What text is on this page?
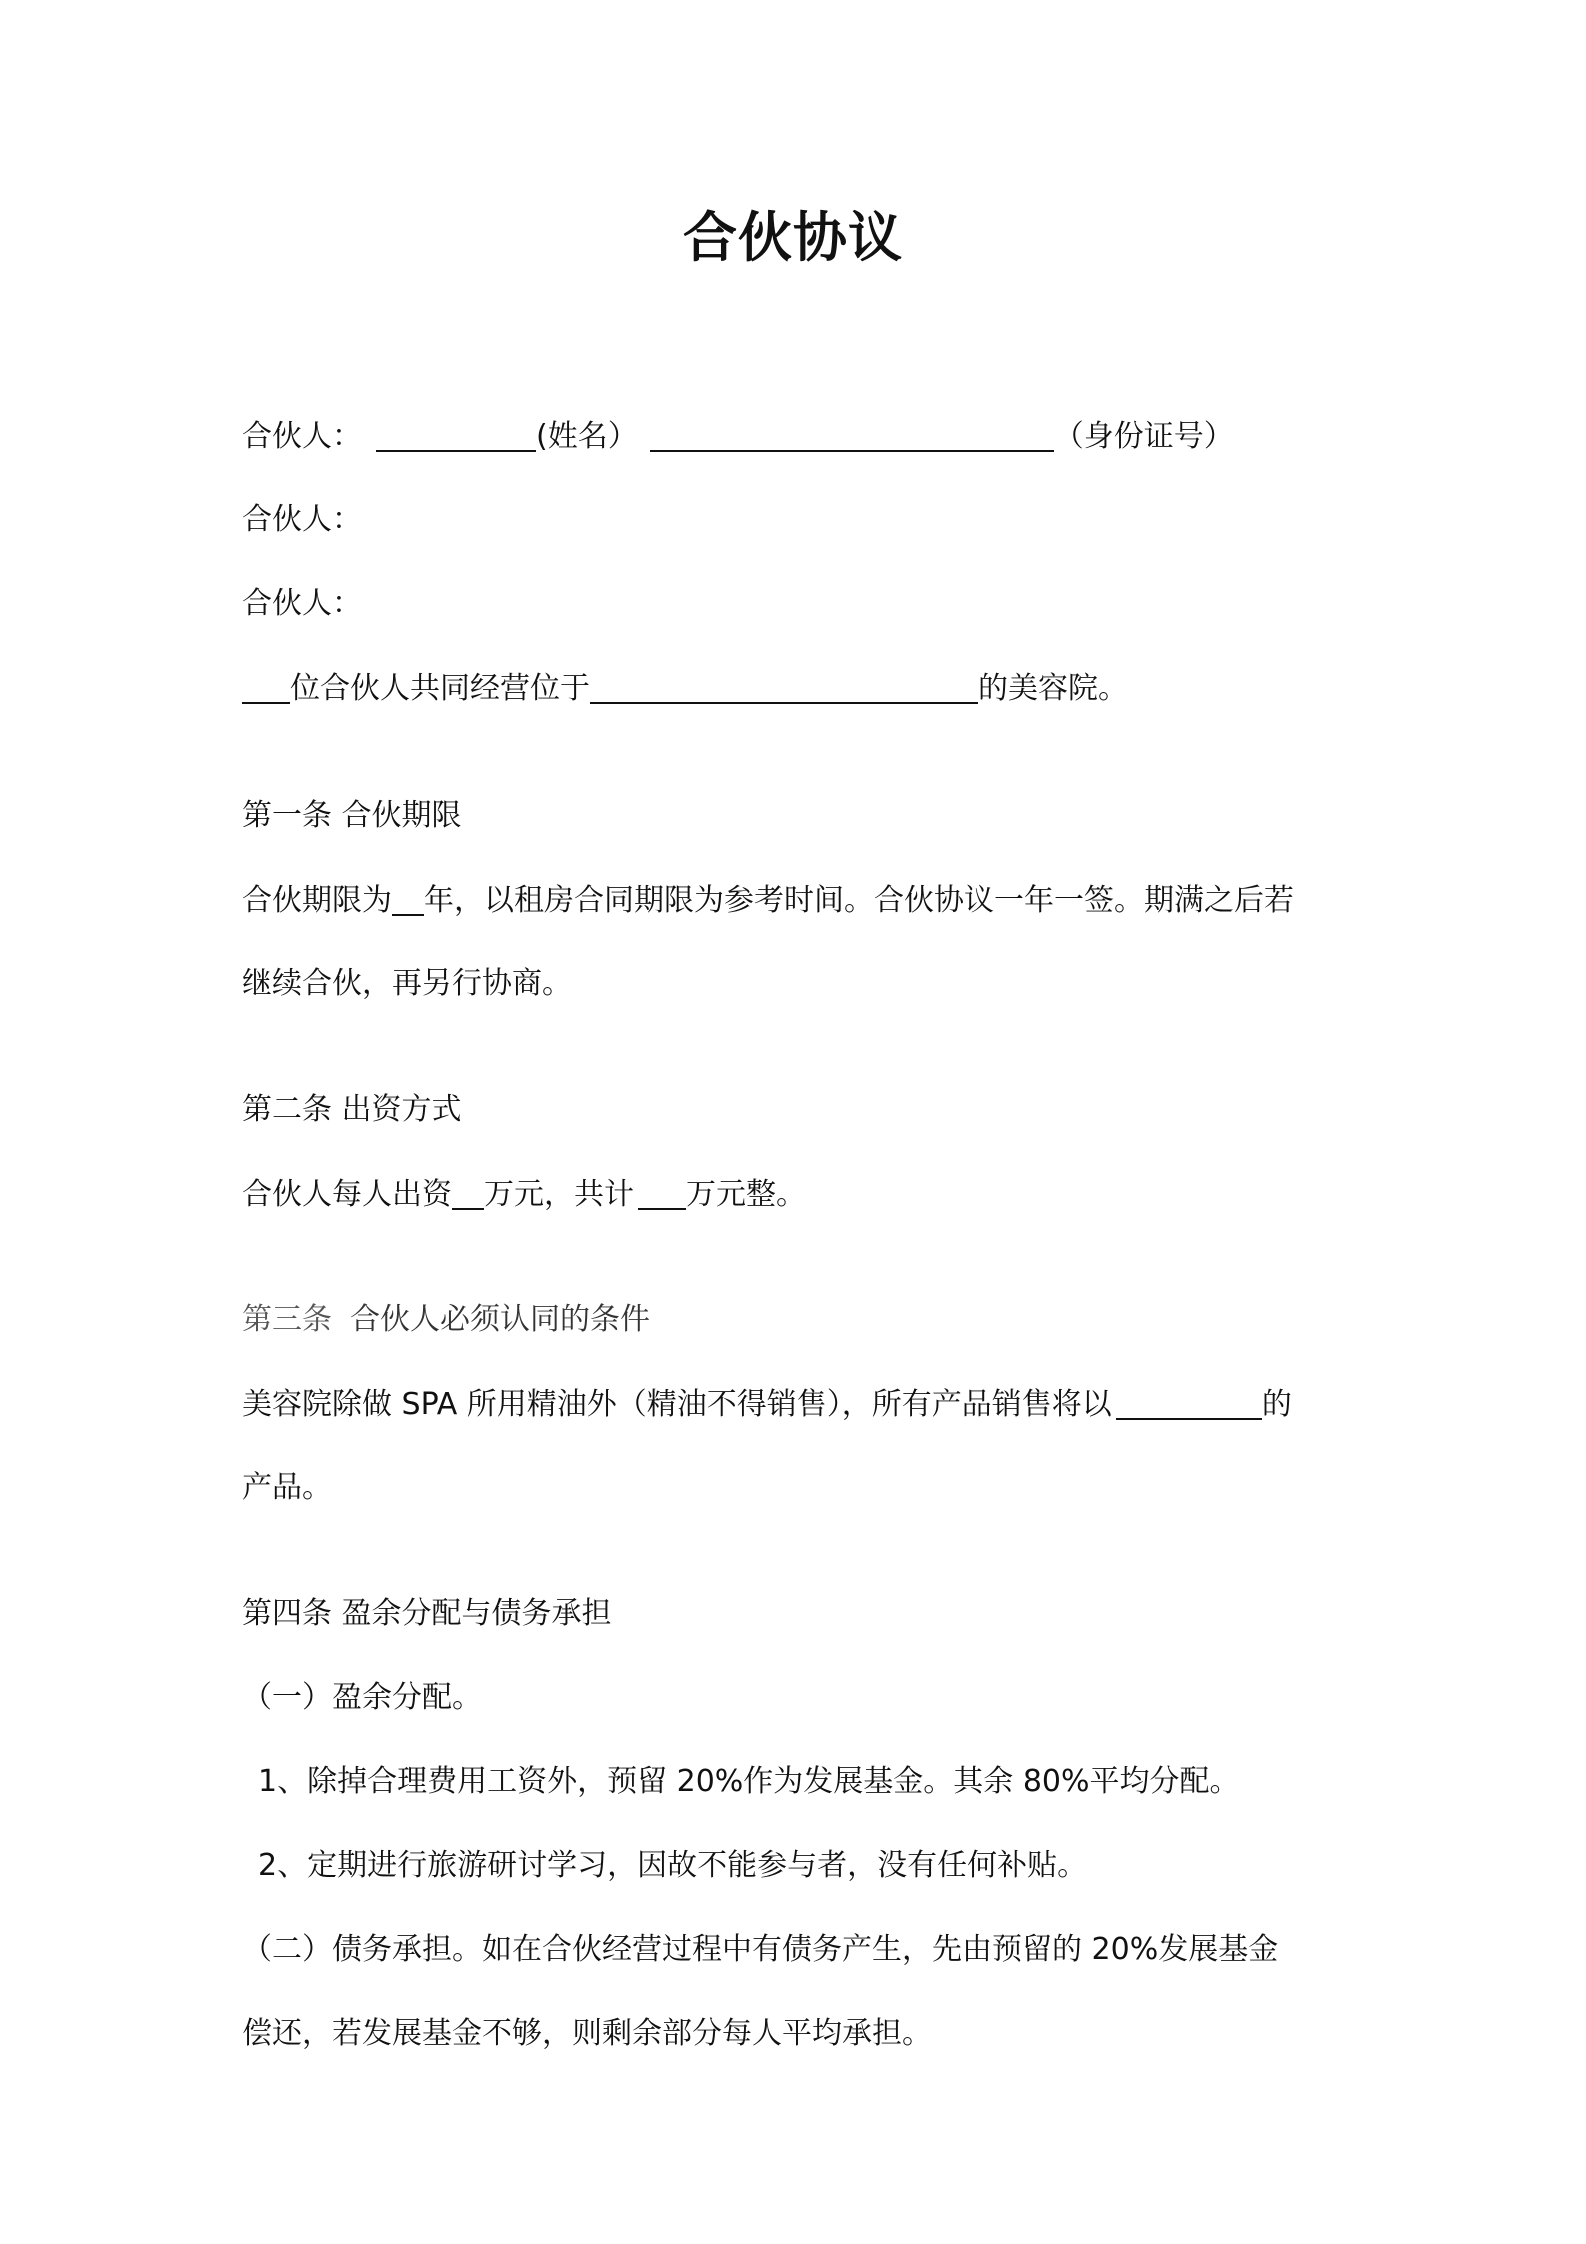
合伙协议

合伙人：	(姓名）	（身份证号）

合伙人：

合伙人：

位合伙人共同经营位于	的美容院。

第一条 合伙期限

合伙期限为 年，以租房合同期限为参考时间。合伙协议一年一签。期满之后若

继续合伙，再另行协商。

第二条 出资方式

合伙人每人出资 万元，共计 万元整。

第三条 合伙人必须认同的条件

美容院除做 SPA 所用精油外（精油不得销售），所有产品销售将以	的

产品。

第四条 盈余分配与债务承担

（一）盈余分配。

1、除掉合理费用工资外，预留 20%作为发展基金。其余 80%平均分配。

2、定期进行旅游研讨学习，因故不能参与者，没有任何补贴。

（二）债务承担。如在合伙经营过程中有债务产生，先由预留的 20%发展基金

偿还，若发展基金不够，则剩余部分每人平均承担。
